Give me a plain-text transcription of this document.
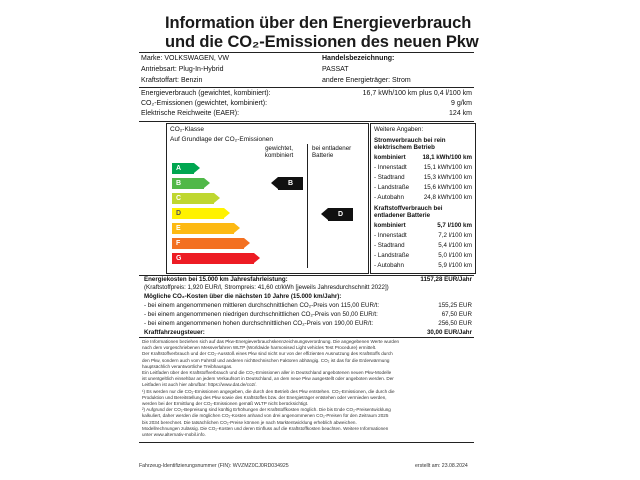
Information über den Energieverbrauch
und die CO₂-Emissionen des neuen Pkw
Marke: VOLKSWAGEN, VW	Handelsbezeichnung:
Antriebsart: Plug-In-Hybrid	PASSAT
Kraftstoffart: Benzin	andere Energieträger: Strom
Energieverbrauch (gewichtet, kombiniert):	16,7 kWh/100 km plus 0,4 l/100 km
CO₂-Emissionen (gewichtet, kombiniert):	9 g/km
Elektrische Reichweite (EAER):	124 km
CO₂-Klasse
Auf Grundlage der CO₂-Emissionen
gewichtet, kombiniert
bei entladener Batterie
A
B
C
D
E
F
G
B
D
Weitere Angaben:
Stromverbrauch bei rein elektrischem Betrieb
kombiniert	18,1 kWh/100 km
- Innenstadt	15,1 kWh/100 km
- Stadtrand	15,3 kWh/100 km
- Landstraße 15,6 kWh/100 km
- Autobahn	24,8 kWh/100 km
Kraftstoffverbrauch bei entladener Batterie
kombiniert	5,7 l/100 km
- Innenstadt	7,2 l/100 km
- Stadtrand	5,4 l/100 km
- Landstraße	5,0 l/100 km
- Autobahn	5,9 l/100 km
Energiekosten bei 15.000 km Jahresfahrleistung:	1157,28 EUR/Jahr
(Kraftstoffpreis: 1,920 EUR/l, Strompreis: 41,60 ct/kWh [jeweils Jahresdurchschnitt 2022])
Mögliche CO₂-Kosten über die nächsten 10 Jahre (15.000 km/Jahr):
- bei einem angenommenen mittleren durchschnittlichen CO₂-Preis von 115,00 EUR/t:	155,25 EUR
- bei einem angenommenen niedrigen durchschnittlichen CO₂-Preis von 50,00 EUR/t:	67,50 EUR
- bei einem angenommenen hohen durchschnittlichen CO₂-Preis von 190,00 EUR/t:	256,50 EUR
Kraftfahrzeugsteuer:	30,00 EUR/Jahr
Die Informationen beziehen sich auf das Pkw-Energieverbrauchskennzeichnungsverordnung. Die angegebenen Werte wurden
nach dem vorgeschriebenen Messverfahren WLTP (Worldwide harmonised Light vehicles Test Procedure) ermittelt.
Der Kraftstoffverbrauch und der CO₂-Ausstoß eines Pkw sind nicht nur von der effizienten Ausnutzung des Kraftstoffs durch
den Pkw, sondern auch vom Fahrstil und anderen nichttechnischen Faktoren abhängig. CO₂ ist das für die Erderwärmung
hauptsächlich verantwortliche Treibhausgas.
Ein Leitfaden über den Kraftstoffverbrauch und die CO₂-Emissionen aller in Deutschland angebotenen neuen Pkw-Modelle
ist unentgeltlich einsehbar an jedem Verkaufsort in Deutschland, an dem neue Pkw ausgestellt oder angeboten werden. Der
Leitfaden ist auch hier abrufbar: https://www.dat.de/co2/.
¹) Es werden nur die CO₂-Emissionen angegeben, die durch den Betrieb des Pkw entstehen. CO₂-Emissionen, die durch die
Produktion und Bereitstellung des Pkw sowie des Kraftstoffes bzw. der Energieträger entstehen oder vermieden werden,
werden bei der Ermittlung der CO₂-Emissionen gemäß WLTP nicht berücksichtigt.
²) Aufgrund der CO₂-Bepreisung sind künftig Erhöhungen der Kraftstoffkosten möglich. Die bis Ende CO₂-Preisentwicklung
kalkuliert, daher werden die möglichen CO₂-Kosten anhand von drei angenommenen CO₂-Preisen für den Zeitraum 2025
bis 2034 berechnet. Die tatsächlichen CO₂-Preise können je nach Marktentwicklung erheblich abweichen.
Modellrechnungen zulässig. Die CO₂-Kosten und deren Einfluss auf die Kraftstoffkosten beachten. Weitere Informationen
unter www.alternativ-mobil.info.
Fahrzeug-Identifizierungsnummer (FIN): WVZMZ0CJ0RD034925	erstellt am: 23.08.2024
